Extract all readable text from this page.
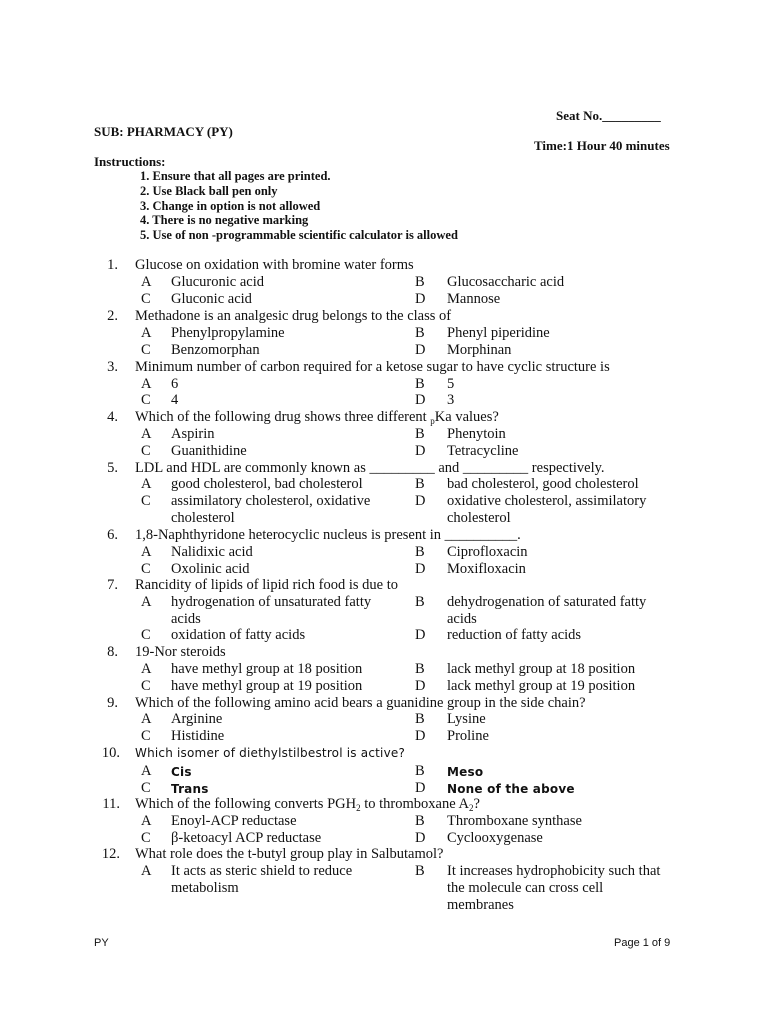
Seat No._________
SUB: PHARMACY (PY)
Time:1 Hour 40 minutes
Instructions:
1. Ensure that all pages are printed.
2. Use Black ball pen only
3. Change in option is not allowed
4. There is no negative marking
5. Use of non -programmable scientific calculator is allowed
1. Glucose on oxidation with bromine water forms
A Glucuronic acid	B Glucosaccharic acid
C Gluconic acid	D Mannose
2. Methadone is an analgesic drug belongs to the class of
A Phenylpropylamine	B Phenyl piperidine
C Benzomorphan	D Morphinan
3. Minimum number of carbon required for a ketose sugar to have cyclic structure is
A 6	B 5
C 4	D 3
4. Which of the following drug shows three different $_p$Ka values?
A Aspirin	B Phenytoin
C Guanithidine	D Tetracycline
5. LDL and HDL are commonly known as _________ and _________ respectively.
A good cholesterol, bad cholesterol	B bad cholesterol, good cholesterol
C assimilatory cholesterol, oxidative cholesterol
D oxidative cholesterol, assimilatory cholesterol
6. 1,8-Naphthyridone heterocyclic nucleus is present in __________.
A Nalidixic acid	B Ciprofloxacin
C Oxolinic acid	D Moxifloxacin
7. Rancidity of lipids of lipid rich food is due to
A hydrogenation of unsaturated fatty acids
B dehydrogenation of saturated fatty acids
C oxidation of fatty acids	D reduction of fatty acids
8. 19-Nor steroids
A have methyl group at 18 position	B lack methyl group at 18 position
C have methyl group at 19 position	D lack methyl group at 19 position
9. Which of the following amino acid bears a guanidine group in the side chain?
A Arginine	B Lysine
C Histidine	D Proline
10. Which isomer of diethylstilbestrol is active?
A Cis	B	Meso
C	Trans	D None of the above
11. Which of the following converts $PGH_2$ to thromboxane $A_2$?
A Enoyl-ACP reductase	B Thromboxane synthase
C β-ketoacyl ACP reductase	D Cyclooxygenase
12. What role does the t-butyl group play in Salbutamol?
A It acts as steric shield to reduce metabolism
B It increases hydrophobicity such that the molecule can cross cell membranes
PY	Page 1 of 9
